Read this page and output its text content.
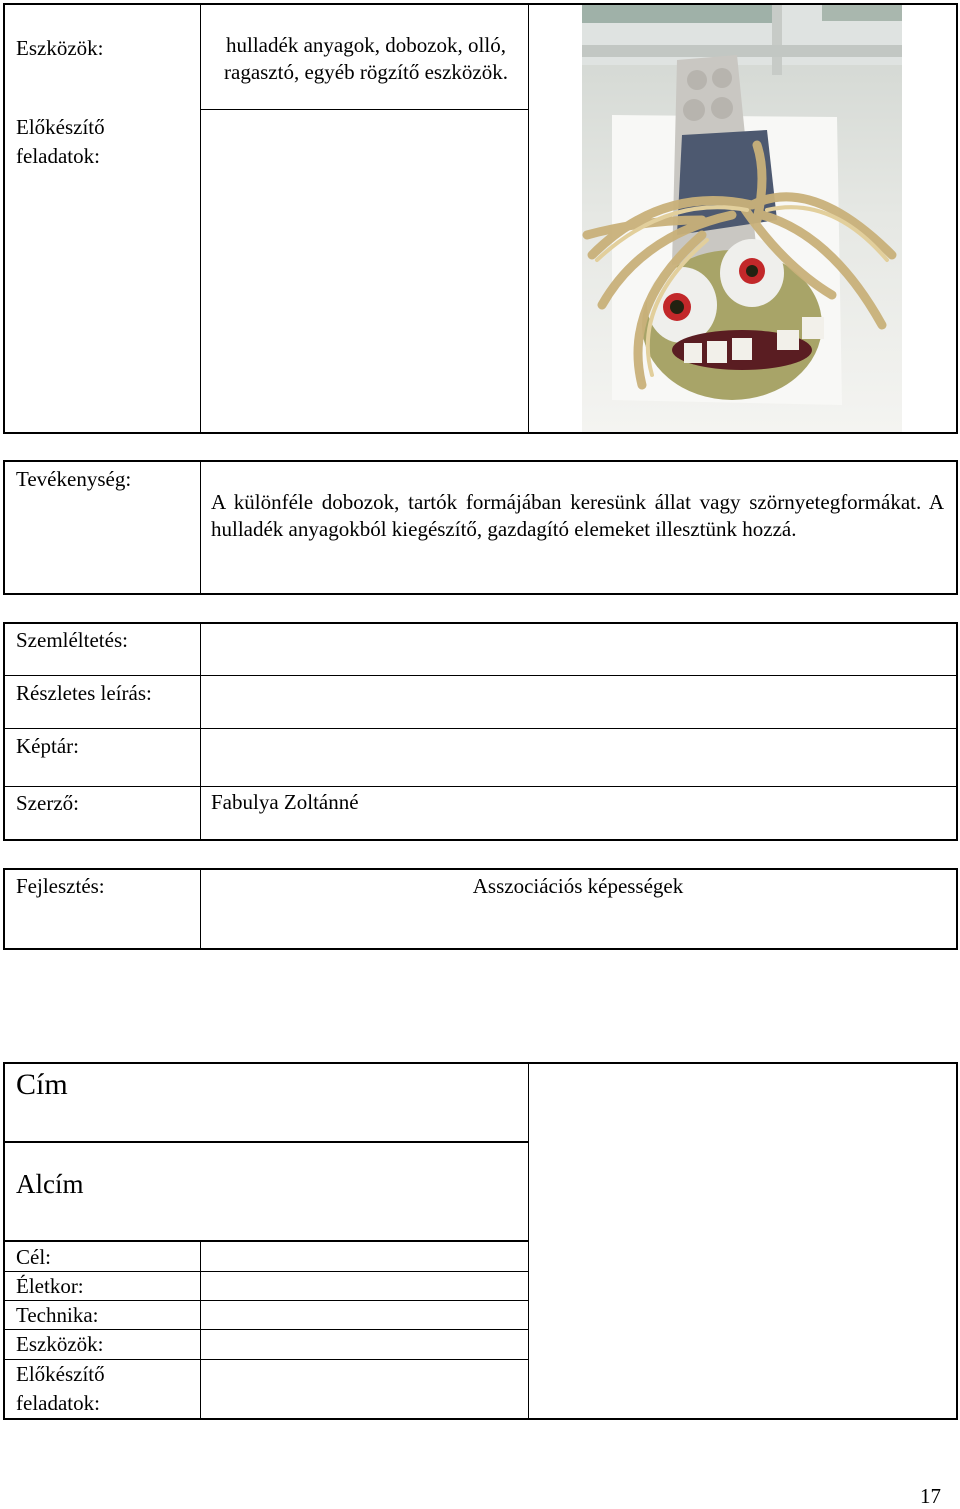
Eszközök:	hulladék anyagok, dobozok, olló, ragasztó, egyéb rögzítő eszközök.
Előkészítő
feladatok:
Tevékenység:
A különféle dobozok, tartók formájában keresünk állat vagy szörnyetegformákat. A hulladék anyagokból kiegészítő, gazdagító elemeket illesztünk hozzá.
Szemléltetés:
Részletes leírás:
Képtár:
Szerző:	Fabulya Zoltánné
Fejlesztés:	Asszociációs képességek
Cím
Alcím
Cél:
Életkor:
Technika:
Eszközök:
Előkészítő
feladatok:
17
